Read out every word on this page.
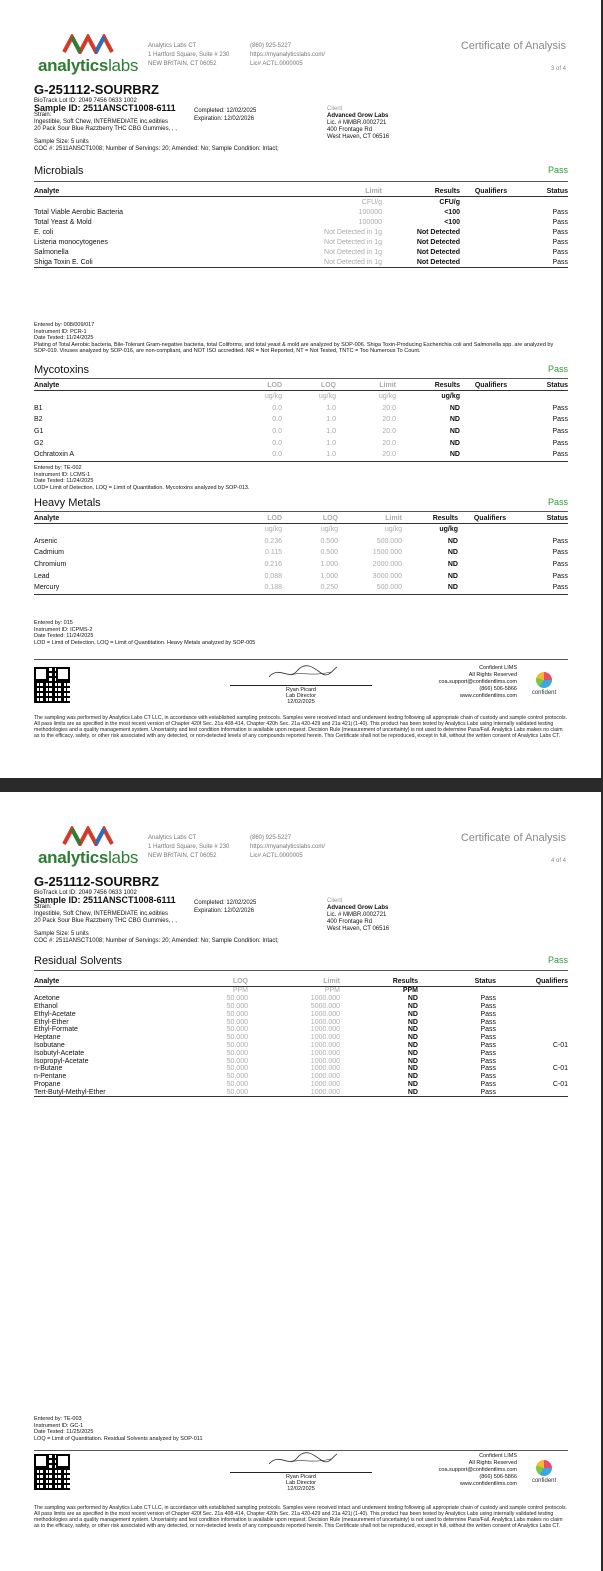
analyticslabs
Analytics Labs CT
1 Hartford Square, Suite # 230
NEW BRITAIN, CT 06052
(860) 925-5227
https://myanalyticslabs.com/
Lic# ACTL.0000005
Certificate of Analysis
3 of 4
G-251112-SOURBRZ
BioTrack Lot ID: 2049 7456 0633 1002
Sample ID: 2511ANSCT1008-6111	Completed: 12/02/2025
Expiration: 12/02/2026
Strain:
Ingestible, Soft Chew, INTERMEDIATE inc.edibles
20 Pack Sour Blue Razzberry THC CBG Gummies, , ,
Sample Size: 5 units
COC #: 2511ANSCT1008; Number of Servings: 20; Amended: No; Sample Condition: Intact;
Client
Advanced Grow Labs
Lic. # MMBR.0002721
400 Frontage Rd
West Haven, CT 06516
Microbials	Pass
Analyte	Limit	Results	Qualifiers	Status
	CFU/g	CFU/g		
Total Viable Aerobic Bacteria	100000	<100		Pass
Total Yeast & Mold	100000	<100		Pass
E. coli	Not Detected in 1g	Not Detected		Pass
Listeria monocytogenes	Not Detected in 1g	Not Detected		Pass
Salmonella	Not Detected in 1g	Not Detected		Pass
Shiga Toxin E. Coli	Not Detected in 1g	Not Detected		Pass
Entered by: 008/009/017
Instrument ID: PCR-1
Date Tested: 11/24/2025
Plating of Total Aerobic bacteria, Bile-Tolerant Gram-negative bacteria, total Coliforms, and total yeast & mold are analyzed by SOP-006. Shiga Toxin-Producing Escherichia coli and Salmonella spp. are analyzed by SOP-019. Viruses analyzed by SOP-016, are non-compliant, and NOT ISO accredited. NR = Not Reported, NT = Not Tested, TNTC = Too Numerous To Count.
Mycotoxins	Pass
Analyte	LOD	LOQ	Limit	Results	Qualifiers	Status
	ug/kg	ug/kg	ug/kg	ug/kg		
B1	0.0	1.0	20.0	ND		Pass
B2	0.0	1.0	20.0	ND		Pass
G1	0.0	1.0	20.0	ND		Pass
G2	0.0	1.0	20.0	ND		Pass
Ochratoxin A	0.0	1.0	20.0	ND		Pass
Entered by: TE-002
Instrument ID: LCMS-1
Date Tested: 11/24/2025
LOD= Limit of Detection, LOQ = Limit of Quantitation. Mycotoxins analyzed by SOP-013.
Heavy Metals	Pass
Analyte	LOD	LOQ	Limit	Results	Qualifiers	Status
	ug/kg	ug/kg	ug/kg	ug/kg		
Arsenic	0.236	0.500	500.000	ND		Pass
Cadmium	0.115	0.500	1500.000	ND		Pass
Chromium	0.216	1.000	2000.000	ND		Pass
Lead	0.088	1.000	3000.000	ND		Pass
Mercury	0.188	0.250	500.000	ND		Pass
Entered by: 015
Instrument ID: ICPMS-2
Date Tested: 11/24/2025
LOD = Limit of Detection, LOQ = Limit of Quantitation. Heavy Metals analyzed by SOP-005
Ryan Picard
Lab Director
12/02/2025
Confident LIMS
All Rights Reserved
coa.support@confidentlims.com
(866) 506-5866
www.confidentlims.com	confident
The sampling was performed by Analytics Labs CT LLC, in accordance with established sampling protocols. Samples were received intact and underwent testing following all appropriate chain of custody and sample control protocols. All pass limits are as specified in the most recent version of Chapter 420f Sec. 21a 408-414, Chapter 420h Sec. 21a 420-429 and 21a 421j (1-40). This product has been tested by Analytics Labs using internally validated testing methodologies and a quality management system. Uncertainty and test condition information is available upon request. Decision Rule (measurement of uncertainty) is not used to determine Pass/Fail. Analytics Labs makes no claim as to the efficacy, safety, or other risk associated with any detected, or non-detected levels of any compounds reported herein. This Certificate shall not be reproduced, except in full, without the written consent of Analytics Labs CT.
analyticslabs
Analytics Labs CT
1 Hartford Square, Suite # 230
NEW BRITAIN, CT 06052
(860) 925-5227
https://myanalyticslabs.com/
Lic# ACTL.0000005
Certificate of Analysis
4 of 4
G-251112-SOURBRZ
BioTrack Lot ID: 2049 7456 0633 1002
Sample ID: 2511ANSCT1008-6111	Completed: 12/02/2025
Expiration: 12/02/2026
Strain:
Ingestible, Soft Chew, INTERMEDIATE inc.edibles
20 Pack Sour Blue Razzberry THC CBG Gummies, , ,
Sample Size: 5 units
COC #: 2511ANSCT1008; Number of Servings: 20; Amended: No; Sample Condition: Intact;
Client
Advanced Grow Labs
Lic. # MMBR.0002721
400 Frontage Rd
West Haven, CT 06516
Residual Solvents	Pass
Analyte	LOQ	Limit	Results	Status	Qualifiers
	PPM	PPM	PPM		
Acetone	50.000	1000.000	ND	Pass	
Ethanol	50.000	5000.000	ND	Pass	
Ethyl-Acetate	50.000	1000.000	ND	Pass	
Ethyl-Ether	50.000	1000.000	ND	Pass	
Ethyl-Formate	50.000	1000.000	ND	Pass	
Heptane	50.000	1000.000	ND	Pass	
Isobutane	50.000	1000.000	ND	Pass	C-01
Isobutyl-Acetate	50.000	1000.000	ND	Pass	
Isopropyl-Acetate	50.000	1000.000	ND	Pass	
n-Butane	50.000	1000.000	ND	Pass	C-01
n-Pentane	50.000	1000.000	ND	Pass	
Propane	50.000	1000.000	ND	Pass	C-01
Tert-Butyl-Methyl-Ether	50.000	1000.000	ND	Pass	
Entered by: TE-003
Instrument ID: GC-1
Date Tested: 11/25/2025
LOQ = Limit of Quantitation. Residual Solvents analyzed by SOP-011
Ryan Picard
Lab Director
12/02/2025
Confident LIMS
All Rights Reserved
coa.support@confidentlims.com
(866) 506-5866
www.confidentlims.com	confident
The sampling was performed by Analytics Labs CT LLC, in accordance with established sampling protocols. Samples were received intact and underwent testing following all appropriate chain of custody and sample control protocols. All pass limits are as specified in the most recent version of Chapter 420f Sec. 21a 408-414, Chapter 420h Sec. 21a 420-429 and 21a 421j (1-40). This product has been tested by Analytics Labs using internally validated testing methodologies and a quality management system. Uncertainty and test condition information is available upon request. Decision Rule (measurement of uncertainty) is not used to determine Pass/Fail. Analytics Labs makes no claim as to the efficacy, safety, or other risk associated with any detected, or non-detected levels of any compounds reported herein. This Certificate shall not be reproduced, except in full, without the written consent of Analytics Labs CT.
